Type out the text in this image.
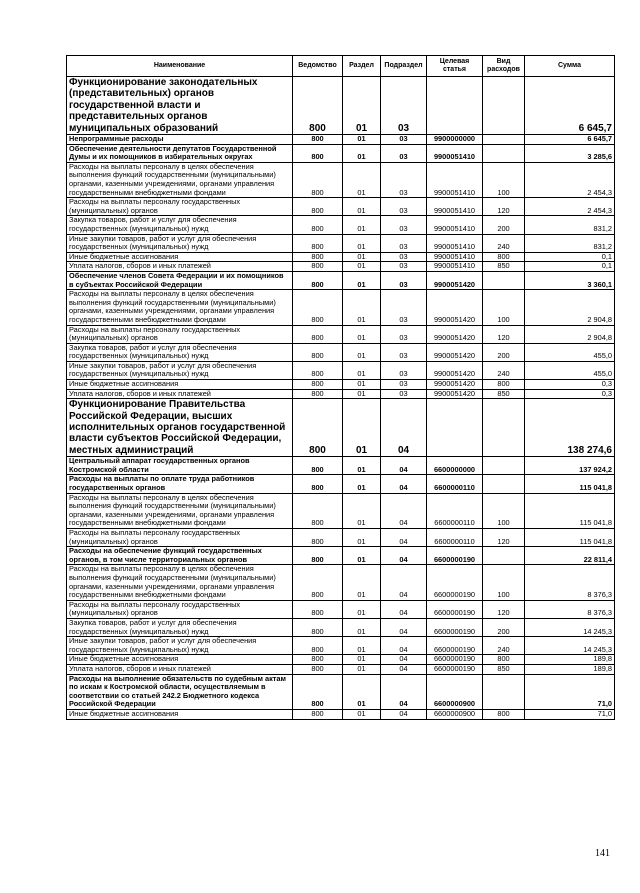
Наименование	Ведомство	Раздел	Подраздел	Целевая статья	Вид расходов	Сумма
Функционирование законодательных (представительных) органов государственной власти и представительных органов муниципальных образований	800	01	03			6 645,7
Непрограммные расходы	800	01	03	9900000000		6 645,7
Обеспечение деятельности депутатов Государственной Думы и их помощников в избирательных округах	800	01	03	9900051410		3 285,6
Расходы на выплаты персоналу в целях обеспечения выполнения функций государственными (муниципальными) органами, казенными учреждениями, органами управления государственными внебюджетными фондами	800	01	03	9900051410	100	2 454,3
Расходы на выплаты персоналу государственных (муниципальных) органов	800	01	03	9900051410	120	2 454,3
Закупка товаров, работ и услуг для обеспечения государственных (муниципальных) нужд	800	01	03	9900051410	200	831,2
Иные закупки товаров, работ и услуг для обеспечения государственных (муниципальных) нужд	800	01	03	9900051410	240	831,2
Иные бюджетные ассигнования	800	01	03	9900051410	800	0,1
Уплата налогов, сборов и иных платежей	800	01	03	9900051410	850	0,1
Обеспечение членов Совета Федерации и их помощников в субъектах Российской Федерации	800	01	03	9900051420		3 360,1
Расходы на выплаты персоналу в целях обеспечения выполнения функций государственными (муниципальными) органами, казенными учреждениями, органами управления государственными внебюджетными фондами	800	01	03	9900051420	100	2 904,8
Расходы на выплаты персоналу государственных (муниципальных) органов	800	01	03	9900051420	120	2 904,8
Закупка товаров, работ и услуг для обеспечения государственных (муниципальных) нужд	800	01	03	9900051420	200	455,0
Иные закупки товаров, работ и услуг для обеспечения государственных (муниципальных) нужд	800	01	03	9900051420	240	455,0
Иные бюджетные ассигнования	800	01	03	9900051420	800	0,3
Уплата налогов, сборов и иных платежей	800	01	03	9900051420	850	0,3
Функционирование Правительства Российской Федерации, высших исполнительных органов государственной власти субъектов Российской Федерации, местных администраций	800	01	04			138 274,6
Центральный аппарат государственных органов Костромской области	800	01	04	6600000000		137 924,2
Расходы на выплаты по оплате труда работников государственных органов	800	01	04	6600000110		115 041,8
Расходы на выплаты персоналу в целях обеспечения выполнения функций государственными (муниципальными) органами, казенными учреждениями, органами управления государственными внебюджетными фондами	800	01	04	6600000110	100	115 041,8
Расходы на выплаты персоналу государственных (муниципальных) органов	800	01	04	6600000110	120	115 041,8
Расходы на обеспечение функций государственных органов, в том числе территориальных органов	800	01	04	6600000190		22 811,4
Расходы на выплаты персоналу в целях обеспечения выполнения функций государственными (муниципальными) органами, казенными учреждениями, органами управления государственными внебюджетными фондами	800	01	04	6600000190	100	8 376,3
Расходы на выплаты персоналу государственных (муниципальных) органов	800	01	04	6600000190	120	8 376,3
Закупка товаров, работ и услуг для обеспечения государственных (муниципальных) нужд	800	01	04	6600000190	200	14 245,3
Иные закупки товаров, работ и услуг для обеспечения государственных (муниципальных) нужд	800	01	04	6600000190	240	14 245,3
Иные бюджетные ассигнования	800	01	04	6600000190	800	189,8
Уплата налогов, сборов и иных платежей	800	01	04	6600000190	850	189,8
Расходы на выполнение обязательств по судебным актам по искам к Костромской области, осуществляемым в соответствии со статьей 242.2 Бюджетного кодекса Российской Федерации	800	01	04	6600000900		71,0
Иные бюджетные ассигнования	800	01	04	6600000900	800	71,0
141
